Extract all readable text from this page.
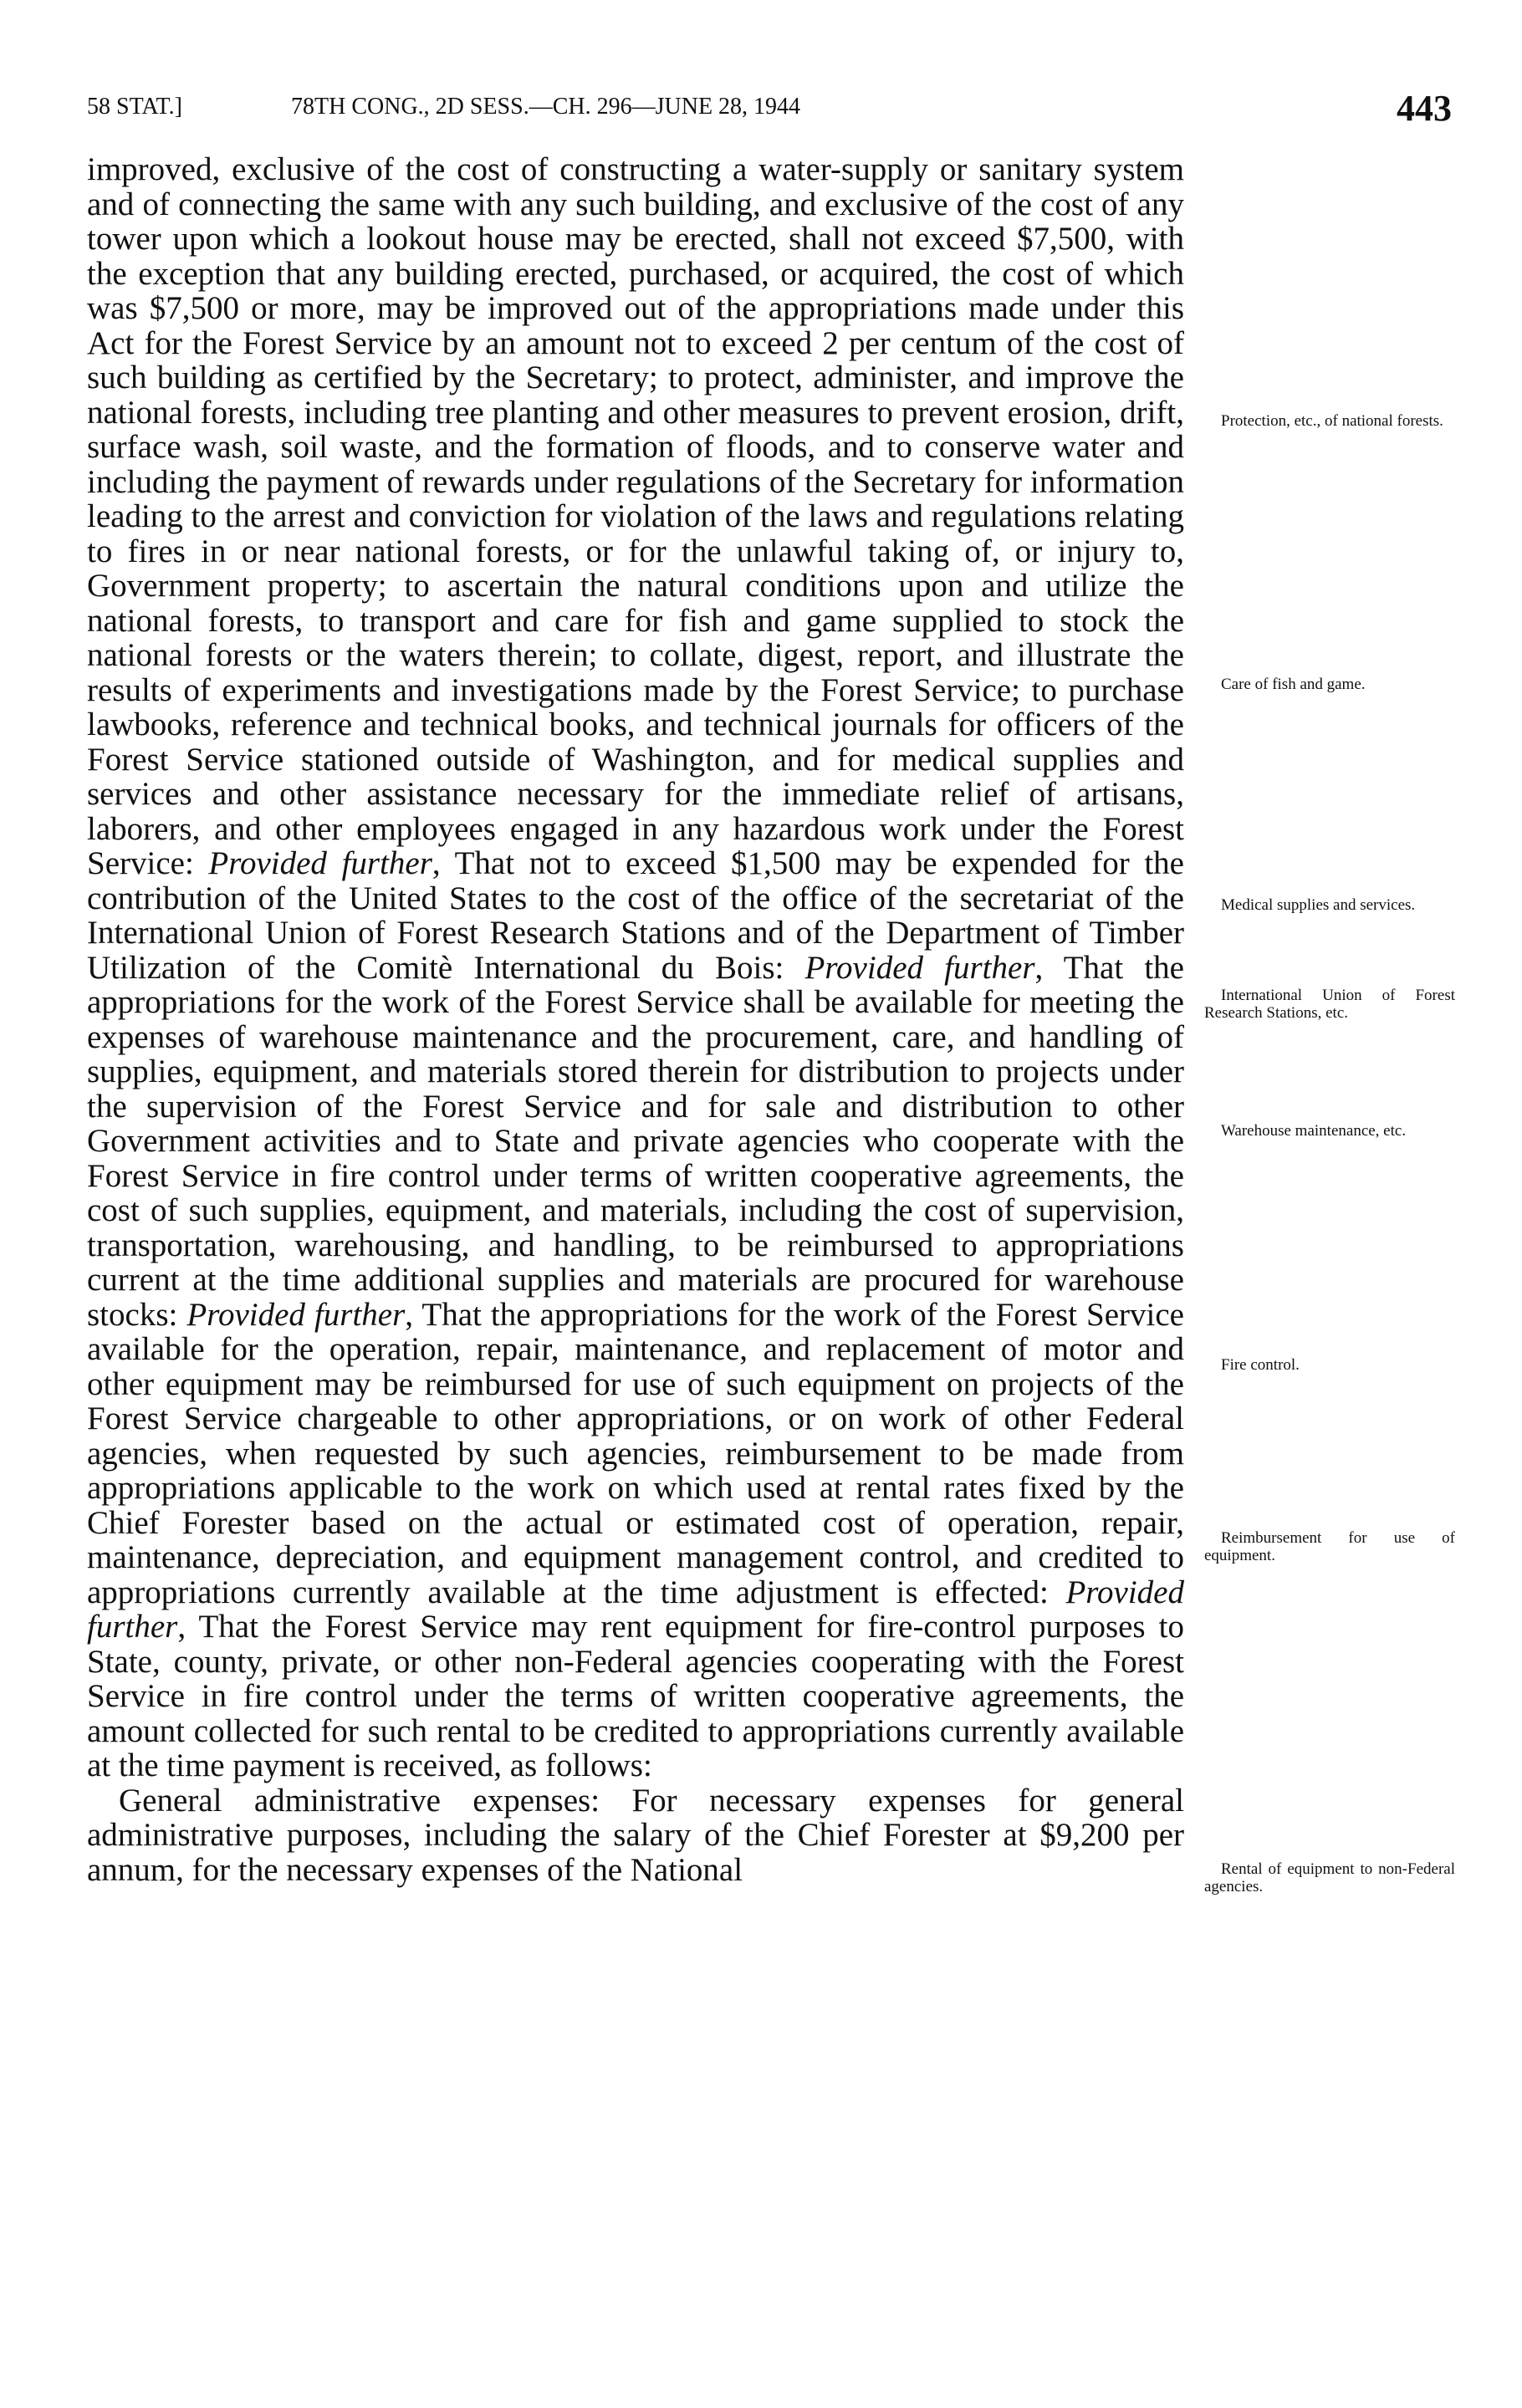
58 STAT.]	78TH CONG., 2D SESS.—CH. 296—JUNE 28, 1944	443

improved, exclusive of the cost of constructing a water-supply or sanitary system and of connecting the same with any such building, and exclusive of the cost of any tower upon which a lookout house may be erected, shall not exceed $7,500, with the exception that any building erected, purchased, or acquired, the cost of which was $7,500 or more, may be improved out of the appropriations made under this Act for the Forest Service by an amount not to exceed 2 per centum of the cost of such building as certified by the Secretary; to protect, administer, and improve the national forests, including tree planting and other measures to prevent erosion, drift, surface wash, soil waste, and the formation of floods, and to conserve water and including the payment of rewards under regulations of the Secretary for information leading to the arrest and conviction for violation of the laws and regulations relating to fires in or near national forests, or for the unlawful taking of, or injury to, Government property; to ascertain the natural conditions upon and utilize the national forests, to transport and care for fish and game supplied to stock the national forests or the waters therein; to collate, digest, report, and illustrate the results of experiments and investigations made by the Forest Service; to purchase lawbooks, reference and technical books, and technical journals for officers of the Forest Service stationed outside of Washington, and for medical supplies and services and other assistance necessary for the immediate relief of artisans, laborers, and other employees engaged in any hazardous work under the Forest Service: Provided further, That not to exceed $1,500 may be expended for the contribution of the United States to the cost of the office of the secretariat of the International Union of Forest Research Stations and of the Department of Timber Utilization of the Comitè International du Bois: Provided further, That the appropriations for the work of the Forest Service shall be available for meeting the expenses of warehouse maintenance and the procurement, care, and handling of supplies, equipment, and materials stored therein for distribution to projects under the supervision of the Forest Service and for sale and distribution to other Government activities and to State and private agencies who cooperate with the Forest Service in fire control under terms of written cooperative agreements, the cost of such supplies, equipment, and materials, including the cost of supervision, transportation, warehousing, and handling, to be reimbursed to appropriations current at the time additional supplies and materials are procured for warehouse stocks: Provided further, That the appropriations for the work of the Forest Service available for the operation, repair, maintenance, and replacement of motor and other equipment may be reimbursed for use of such equipment on projects of the Forest Service chargeable to other appropriations, or on work of other Federal agencies, when requested by such agencies, reimbursement to be made from appropriations applicable to the work on which used at rental rates fixed by the Chief Forester based on the actual or estimated cost of operation, repair, maintenance, depreciation, and equipment management control, and credited to appropriations currently available at the time adjustment is effected: Provided further, That the Forest Service may rent equipment for fire-control purposes to State, county, private, or other non-Federal agencies cooperating with the Forest Service in fire control under the terms of written cooperative agreements, the amount collected for such rental to be credited to appropriations currently available at the time payment is received, as follows:

General administrative expenses: For necessary expenses for general administrative purposes, including the salary of the Chief Forester at $9,200 per annum, for the necessary expenses of the National

Protection, etc., of national forests.
Care of fish and game.
Medical supplies and services.
International Union of Forest Research Stations, etc.
Warehouse maintenance, etc.
Fire control.
Reimbursement for use of equipment.
Rental of equipment to non-Federal agencies.
